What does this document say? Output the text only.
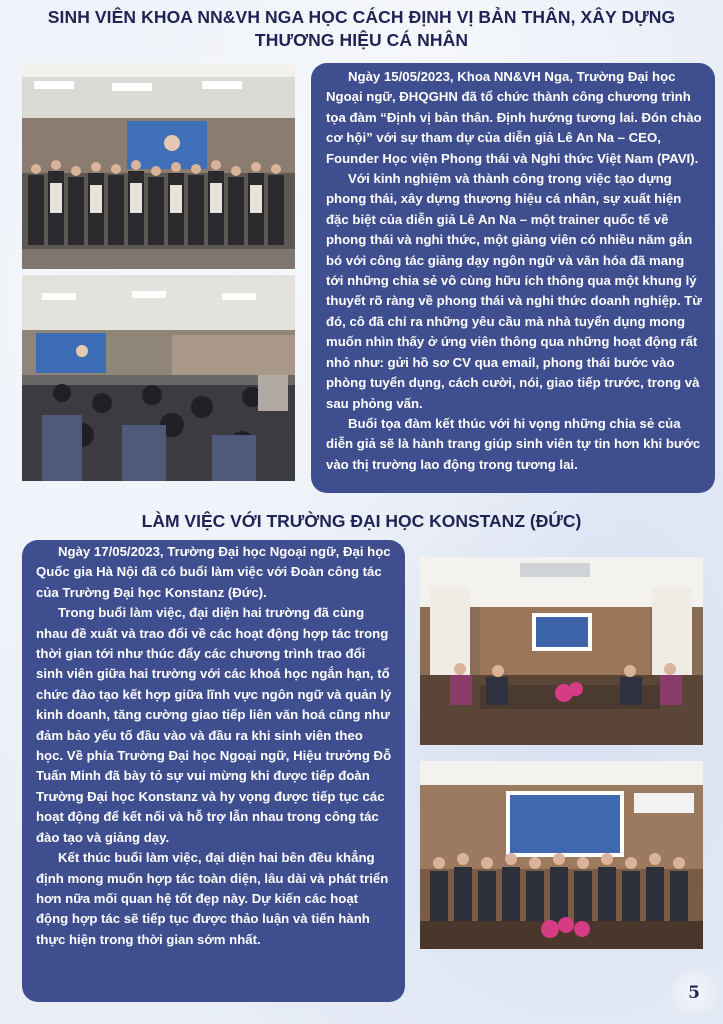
SINH VIÊN KHOA NN&VH NGA HỌC CÁCH ĐỊNH VỊ BẢN THÂN, XÂY DỰNG THƯƠNG HIỆU CÁ NHÂN

Ngày 15/05/2023, Khoa NN&VH Nga, Trường Đại học Ngoại ngữ, ĐHQGHN đã tổ chức thành công chương trình tọa đàm “Định vị bản thân. Định hướng tương lai. Đón chào cơ hội” với sự tham dự của diễn giả Lê An Na – CEO, Founder Học viện Phong thái và Nghi thức Việt Nam (PAVI).

Với kinh nghiệm và thành công trong việc tạo dựng phong thái, xây dựng thương hiệu cá nhân, sự xuất hiện đặc biệt của diễn giả Lê An Na – một trainer quốc tế về phong thái và nghi thức, một giảng viên có nhiều năm gắn bó với công tác giảng dạy ngôn ngữ và văn hóa đã mang tới những chia sẻ vô cùng hữu ích thông qua một khung lý thuyết rõ ràng về phong thái và nghi thức doanh nghiệp. Từ đó, cô đã chỉ ra những yêu cầu mà nhà tuyển dụng mong muốn nhìn thấy ở ứng viên thông qua những hoạt động rất nhỏ như: gửi hồ sơ CV qua email, phong thái bước vào phòng tuyển dụng, cách cười, nói, giao tiếp trước, trong và sau phỏng vấn.

Buổi tọa đàm kết thúc với hi vọng những chia sẻ của diễn giả sẽ là hành trang giúp sinh viên tự tin hơn khi bước vào thị trường lao động trong tương lai.

LÀM VIỆC VỚI TRƯỜNG ĐẠI HỌC KONSTANZ (ĐỨC)

Ngày 17/05/2023, Trường Đại học Ngoại ngữ, Đại học Quốc gia Hà Nội đã có buổi làm việc với Đoàn công tác của Trường Đại học Konstanz (Đức).

Trong buổi làm việc, đại diện hai trường đã cùng nhau đề xuất và trao đổi về các hoạt động hợp tác trong thời gian tới như thúc đẩy các chương trình trao đổi sinh viên giữa hai trường với các khoá học ngắn hạn, tổ chức đào tạo kết hợp giữa lĩnh vực ngôn ngữ và quản lý kinh doanh, tăng cường giao tiếp liên văn hoá cũng như đảm bảo yếu tố đầu vào và đầu ra khi sinh viên theo học. Về phía Trường Đại học Ngoại ngữ, Hiệu trưởng Đỗ Tuấn Minh đã bày tỏ sự vui mừng khi được tiếp đoàn Trường Đại học Konstanz và hy vọng được tiếp tục các hoạt động để kết nối và hỗ trợ lẫn nhau trong công tác đào tạo và giảng dạy.

Kết thúc buổi làm việc, đại diện hai bên đều khẳng định mong muốn hợp tác toàn diện, lâu dài và phát triển hơn nữa mối quan hệ tốt đẹp này. Dự kiến các hoạt động hợp tác sẽ tiếp tục được thảo luận và tiến hành thực hiện trong thời gian sớm nhất.

5
